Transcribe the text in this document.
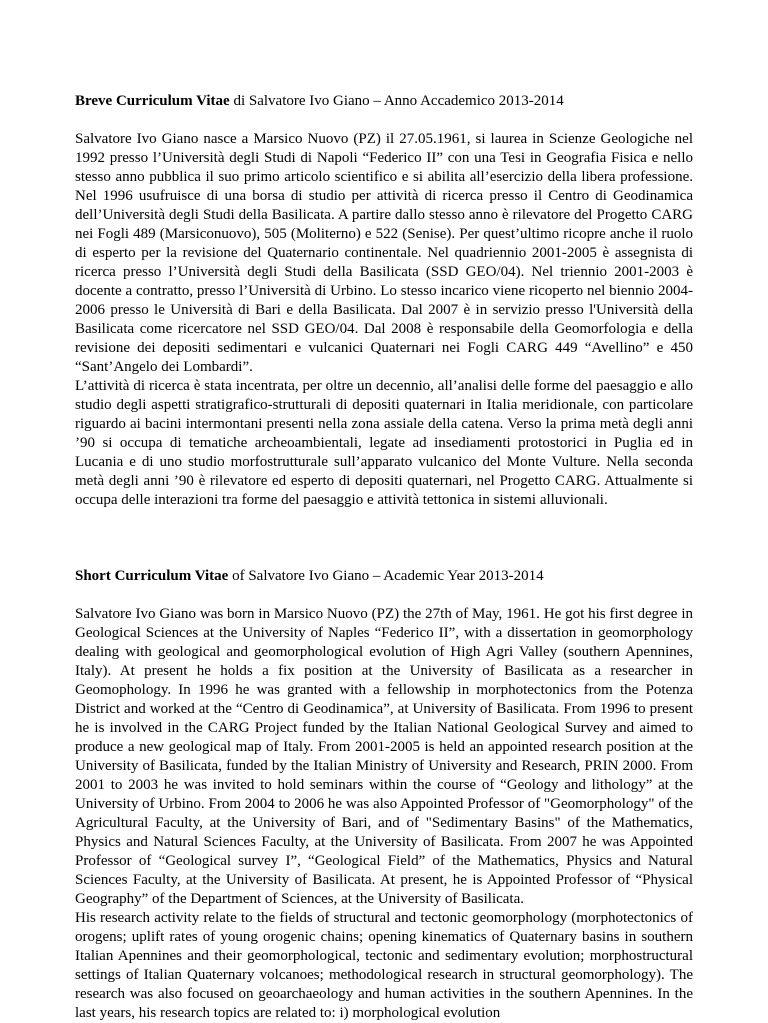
Breve Curriculum Vitae di Salvatore Ivo Giano – Anno Accademico 2013-2014

Salvatore Ivo Giano nasce a Marsico Nuovo (PZ) il 27.05.1961, si laurea in Scienze Geologiche nel 1992 presso l’Università degli Studi di Napoli “Federico II” con una Tesi in Geografia Fisica e nello stesso anno pubblica il suo primo articolo scientifico e si abilita all’esercizio della libera professione. Nel 1996 usufruisce di una borsa di studio per attività di ricerca presso il Centro di Geodinamica dell’Università degli Studi della Basilicata. A partire dallo stesso anno è rilevatore del Progetto CARG nei Fogli 489 (Marsiconuovo), 505 (Moliterno) e 522 (Senise). Per quest’ultimo ricopre anche il ruolo di esperto per la revisione del Quaternario continentale. Nel quadriennio 2001-2005 è assegnista di ricerca presso l’Università degli Studi della Basilicata (SSD GEO/04). Nel triennio 2001-2003 è docente a contratto, presso l’Università di Urbino. Lo stesso incarico viene ricoperto nel biennio 2004-2006 presso le Università di Bari e della Basilicata. Dal 2007 è in servizio presso l'Università della Basilicata come ricercatore nel SSD GEO/04. Dal 2008 è responsabile della Geomorfologia e della revisione dei depositi sedimentari e vulcanici Quaternari nei Fogli CARG 449 “Avellino” e 450 “Sant’Angelo dei Lombardi”.

L’attività di ricerca è stata incentrata, per oltre un decennio, all’analisi delle forme del paesaggio e allo studio degli aspetti stratigrafico-strutturali di depositi quaternari in Italia meridionale, con particolare riguardo ai bacini intermontani presenti nella zona assiale della catena. Verso la prima metà degli anni ’90 si occupa di tematiche archeoambientali, legate ad insediamenti protostorici in Puglia ed in Lucania e di uno studio morfostrutturale sull’apparato vulcanico del Monte Vulture. Nella seconda metà degli anni ’90 è rilevatore ed esperto di depositi quaternari, nel Progetto CARG. Attualmente si occupa delle interazioni tra forme del paesaggio e attività tettonica in sistemi alluvionali.

Short Curriculum Vitae of Salvatore Ivo Giano – Academic Year 2013-2014

Salvatore Ivo Giano was born in Marsico Nuovo (PZ) the 27th of May, 1961. He got his first degree in Geological Sciences at the University of Naples “Federico II”, with a dissertation in geomorphology dealing with geological and geomorphological evolution of High Agri Valley (southern Apennines, Italy). At present he holds a fix position at the University of Basilicata as a researcher in Geomophology. In 1996 he was granted with a fellowship in morphotectonics from the Potenza District and worked at the “Centro di Geodinamica”, at University of Basilicata. From 1996 to present he is involved in the CARG Project funded by the Italian National Geological Survey and aimed to produce a new geological map of Italy. From 2001-2005 is held an appointed research position at the University of Basilicata, funded by the Italian Ministry of University and Research, PRIN 2000. From 2001 to 2003 he was invited to hold seminars within the course of “Geology and lithology” at the University of Urbino. From 2004 to 2006 he was also Appointed Professor of "Geomorphology" of the Agricultural Faculty, at the University of Bari, and of "Sedimentary Basins" of the Mathematics, Physics and Natural Sciences Faculty, at the University of Basilicata. From 2007 he was Appointed Professor of “Geological survey I”, “Geological Field” of the Mathematics, Physics and Natural Sciences Faculty, at the University of Basilicata. At present, he is Appointed Professor of “Physical Geography” of the Department of Sciences, at the University of Basilicata.

His research activity relate to the fields of structural and tectonic geomorphology (morphotectonics of orogens; uplift rates of young orogenic chains; opening kinematics of Quaternary basins in southern Italian Apennines and their geomorphological, tectonic and sedimentary evolution; morphostructural settings of Italian Quaternary volcanoes; methodological research in structural geomorphology). The research was also focused on geoarchaeology and human activities in the southern Apennines. In the last years, his research topics are related to: i) morphological evolution
